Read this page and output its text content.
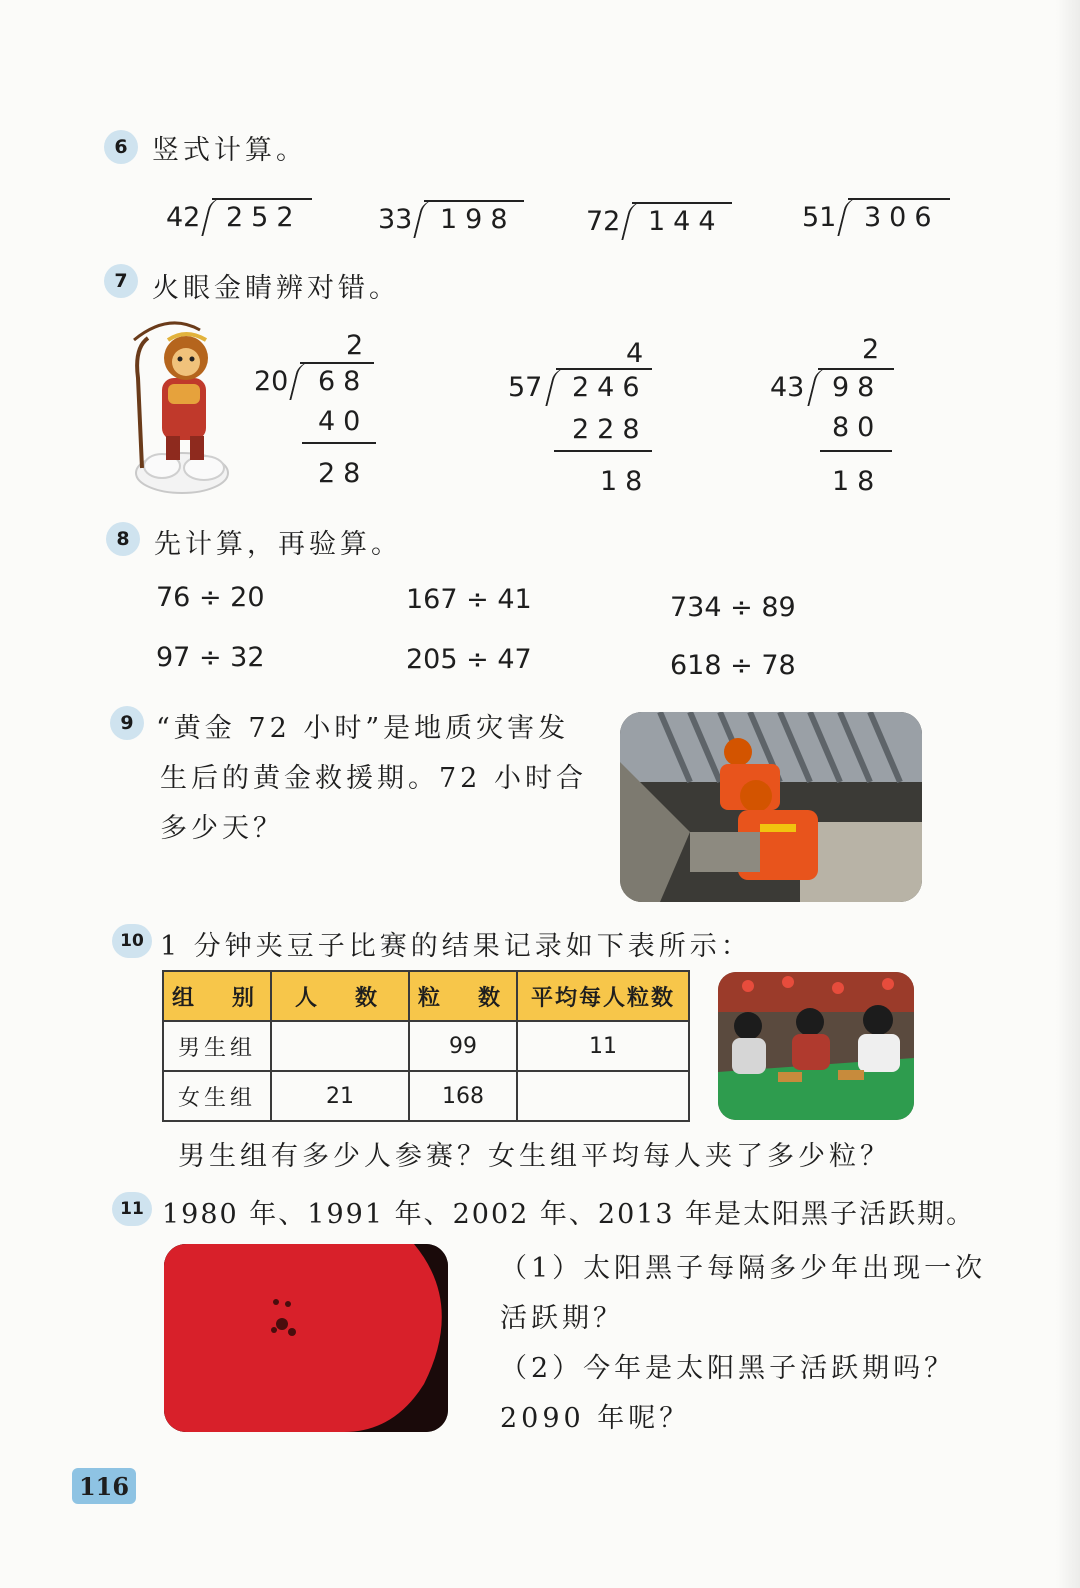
6 竖式计算。
42 252	33 198	72 144	51 306
7 火眼金睛辨对错。
2
20 68
40
28
4
57 246
228
18
2
43 98
80
18
8 先计算，再验算。
76 ÷ 20	167 ÷ 41	734 ÷ 89
97 ÷ 32	205 ÷ 47	618 ÷ 78
9 “黄金 72 小时”是地质灾害发
生后的黄金救援期。72 小时合
多少天？
10 1 分钟夹豆子比赛的结果记录如下表所示：
组　别	人　数	粒　数	平均每人粒数
男生组		99	11
女生组	21	168	
男生组有多少人参赛？女生组平均每人夹了多少粒？
11 1980 年、1991 年、2002 年、2013 年是太阳黑子活跃期。
（1）太阳黑子每隔多少年出现一次
活跃期？
（2）今年是太阳黑子活跃期吗？
2090 年呢？
116
